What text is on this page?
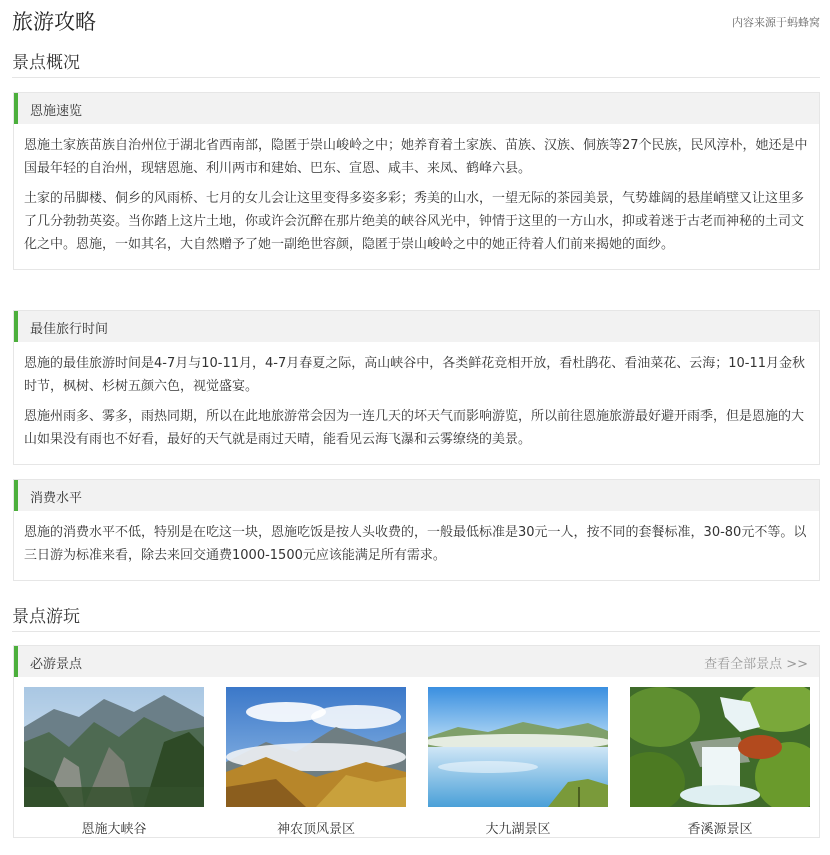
旅游攻略	内容来源于蚂蜂窝
景点概况
恩施速览

恩施土家族苗族自治州位于湖北省西南部，隐匿于崇山峻岭之中；她养育着土家族、苗族、汉族、侗族等27个民族，民风淳朴，她还是中国最年轻的自治州，现辖恩施、利川两市和建始、巴东、宣恩、咸丰、来凤、鹤峰六县。

土家的吊脚楼、侗乡的风雨桥、七月的女儿会让这里变得多姿多彩；秀美的山水，一望无际的茶园美景，气势雄阔的悬崖峭壁又让这里多了几分勃勃英姿。当你踏上这片土地，你或许会沉醉在那片绝美的峡谷风光中，钟情于这里的一方山水，抑或着迷于古老而神秘的土司文化之中。恩施，一如其名，大自然赠予了她一副绝世容颜，隐匿于崇山峻岭之中的她正待着人们前来揭她的面纱。

最佳旅行时间

恩施的最佳旅游时间是4-7月与10-11月，4-7月春夏之际，高山峡谷中，各类鲜花竞相开放，看杜鹃花、看油菜花、云海；10-11月金秋时节，枫树、杉树五颜六色，视觉盛宴。

恩施州雨多、雾多，雨热同期，所以在此地旅游常会因为一连几天的坏天气而影响游览，所以前往恩施旅游最好避开雨季，但是恩施的大山如果没有雨也不好看，最好的天气就是雨过天晴，能看见云海飞瀑和云雾缭绕的美景。

消费水平

恩施的消费水平不低，特别是在吃这一块，恩施吃饭是按人头收费的，一般最低标准是30元一人，按不同的套餐标准，30-80元不等。以三日游为标准来看，除去来回交通费1000-1500元应该能满足所有需求。

景点游玩
必游景点	查看全部景点 >>
恩施大峡谷	神农顶风景区	大九湖景区	香溪源景区
